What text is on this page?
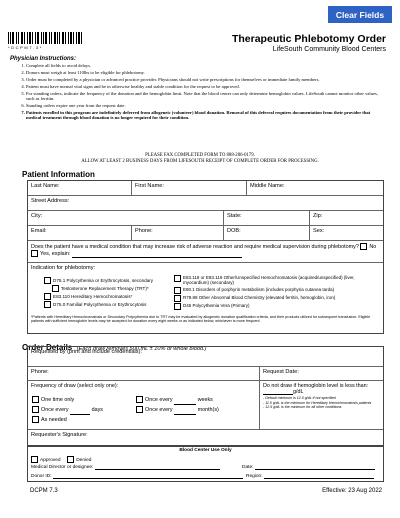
Clear Fields
*DCPM7.3*
Therapeutic Phlebotomy Order
LifeSouth Community Blood Centers
Physician Instructions:
1. Complete all fields to avoid delays.
2. Donors must weigh at least 110lbs to be eligible for phlebotomy.
3. Order must be completed by a physician or advanced practice provider. Physicians should not write prescriptions for themselves or immediate family members.
4. Patient must have normal vital signs and be in otherwise healthy and stable condition for the request to be approved.
5. For standing orders, indicate the frequency of the donation and the hemoglobin limit. Note that the blood center can only determine hemoglobin values. LifeSouth cannot monitor other values, such as ferritin.
6. Standing orders expire one year from the request date.
7. Patients enrolled in this program are indefinitely deferred from allogeneic (volunteer) blood donation. Removal of this deferral requires documentation from their provider that medical treatment through blood donation is no longer required for their condition.
PLEASE FAX COMPLETED FORM TO 888-286-0179.
ALLOW AT LEAST 2 BUSINESS DAYS FROM LIFESOUTH RECEIPT OF COMPLETE ORDER FOR PROCESSING.
Patient Information
Last Name:	First Name:	Middle Name:
Street Address:
City:	State:	Zip:
Email:	Phone:	DOB:	Sex:
Does the patient have a medical condition that may increase risk of adverse reaction and require medical supervision during phlebotomy? No  Yes, explain:
Indication for phlebotomy:
D75.1 Polycythemia or Erythrocytosis, secondary
Testosterone Replacement Therapy (TRT)*
E83.110 Hereditary Hemochromatosis*
D75.0 Familial Polycythemia or Erythrocytosis
E83.118 or E83.119 Other/Unspecified Hemochromatosis (acquired/unspecified) (liver, myocardium) (secondary)
E80.1 Disorders of porphyrin metabolism (includes porphyria cutanea tarda)
R79.89 Other Abnormal Blood Chemistry (elevated ferritin, hemoglobin, iron)
D45 Polycythemia Vera (Primary)
*Patients with Hereditary Hemochromatosis or Secondary Polycythemia due to TRT may be evaluated by allogeneic donation qualification criteria, and their products utilized for subsequent transfusion. Eligible patients with sufficient hemoglobin levels may be accepted for donation every eight weeks or as indicated below, whichever is more frequent.
Order Details (Each draw removes 500 mL ± 10% of whole blood.)
Requested by (print and include credentials):
Phone:	Request Date:
Frequency of draw (select only one):
One time only
Once every	days
As needed
Once every	weeks
Once every	month(s)
Do not draw if hemoglobin level is less than: g/dL
- Default minimum is 12.0 g/dL if not specified
- 11.0 g/dL is the minimum for Hereditary Hemochromatosis patients
- 12.5 g/dL is the minimum for all other conditions
Requester's Signature:
Blood Center Use Only
Approved	Denied
Medical Director or designee:	Date:
Donor ID:	Region:
DCPM 7.3	Effective: 23 Aug 2022
